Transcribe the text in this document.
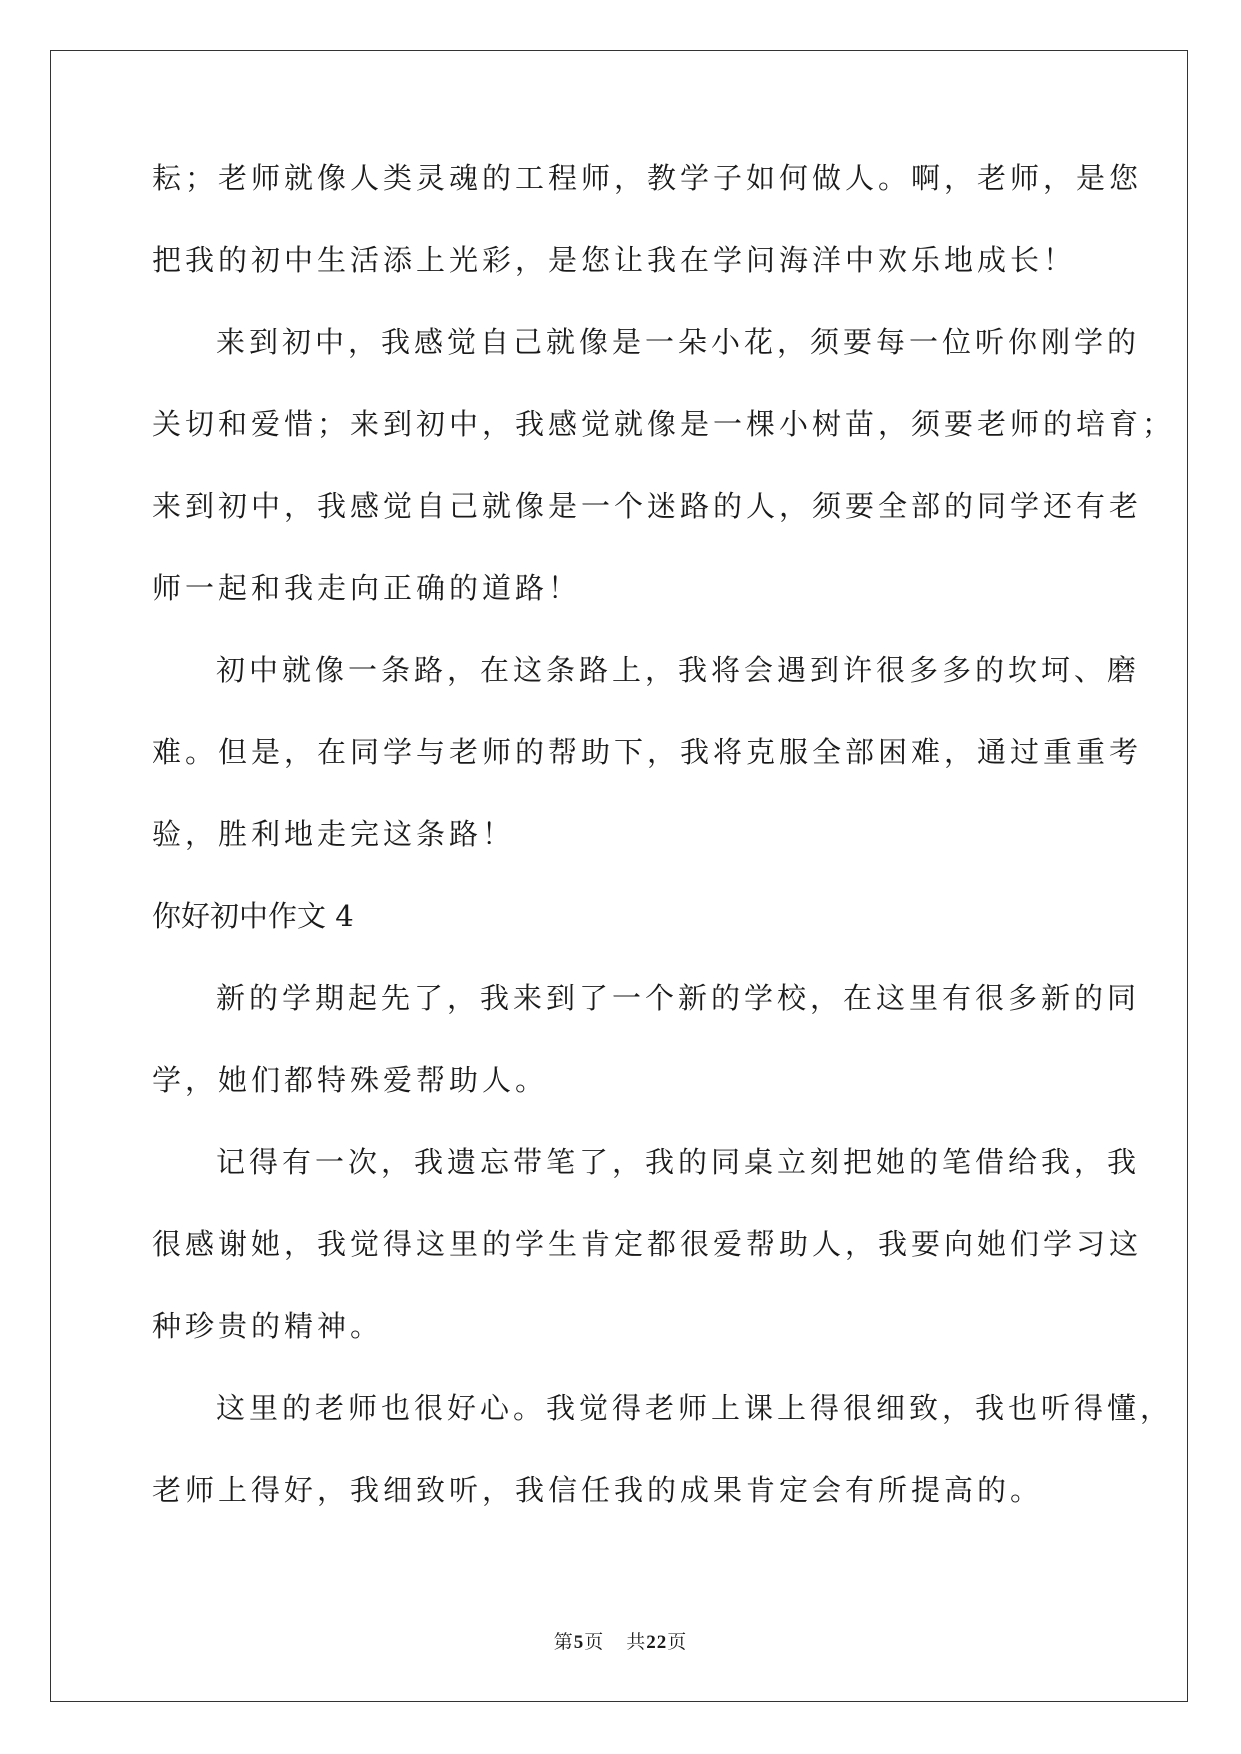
耘；老师就像人类灵魂的工程师，教学子如何做人。啊，老师，是您
把我的初中生活添上光彩，是您让我在学问海洋中欢乐地成长！
来到初中，我感觉自己就像是一朵小花，须要每一位听你刚学的
关切和爱惜；来到初中，我感觉就像是一棵小树苗，须要老师的培育；
来到初中，我感觉自己就像是一个迷路的人，须要全部的同学还有老
师一起和我走向正确的道路！
初中就像一条路，在这条路上，我将会遇到许很多多的坎坷、磨
难。但是，在同学与老师的帮助下，我将克服全部困难，通过重重考
验，胜利地走完这条路！
你好初中作文 4
新的学期起先了，我来到了一个新的学校，在这里有很多新的同
学，她们都特殊爱帮助人。
记得有一次，我遗忘带笔了，我的同桌立刻把她的笔借给我，我
很感谢她，我觉得这里的学生肯定都很爱帮助人，我要向她们学习这
种珍贵的精神。
这里的老师也很好心。我觉得老师上课上得很细致，我也听得懂，
老师上得好，我细致听，我信任我的成果肯定会有所提高的。
第5页 共22页
